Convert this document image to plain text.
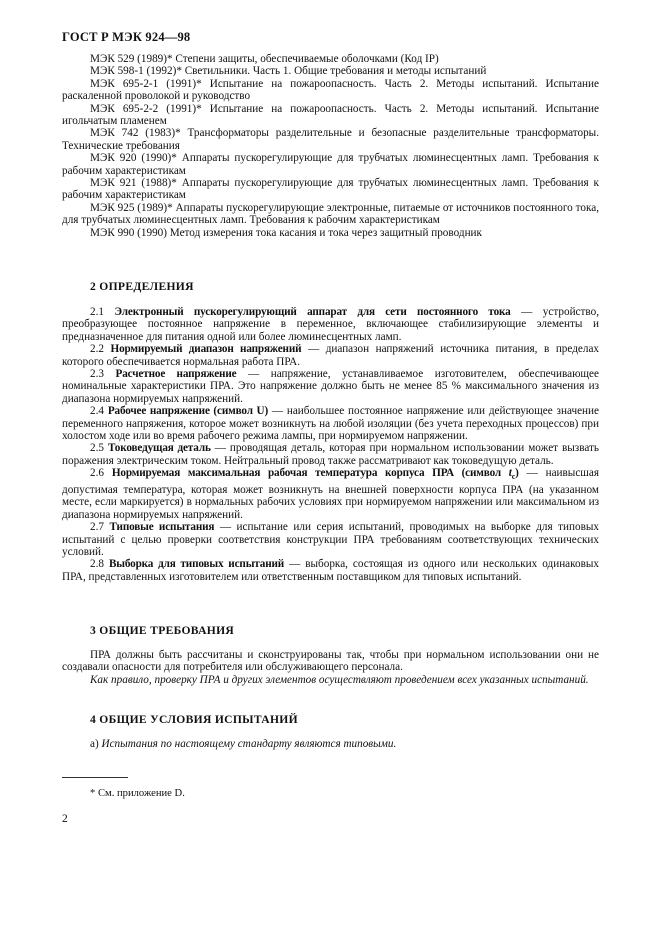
ГОСТ Р МЭК 924—98

МЭК 529 (1989)* Степени защиты, обеспечиваемые оболочками (Код IP)

МЭК 598-1 (1992)* Светильники. Часть 1. Общие требования и методы испытаний

МЭК 695-2-1 (1991)* Испытание на пожароопасность. Часть 2. Методы испытаний. Испытание раскаленной проволокой и руководство

МЭК 695-2-2 (1991)* Испытание на пожароопасность. Часть 2. Методы испытаний. Испытание игольчатым пламенем

МЭК 742 (1983)* Трансформаторы разделительные и безопасные разделительные трансформаторы. Технические требования

МЭК 920 (1990)* Аппараты пускорегулирующие для трубчатых люминесцентных ламп. Требования к рабочим характеристикам

МЭК 921 (1988)* Аппараты пускорегулирующие для трубчатых люминесцентных ламп. Требования к рабочим характеристикам

МЭК 925 (1989)* Аппараты пускорегулирующие электронные, питаемые от источников постоянного тока, для трубчатых люминесцентных ламп. Требования к рабочим характеристикам

МЭК 990 (1990) Метод измерения тока касания и тока через защитный проводник

2 ОПРЕДЕЛЕНИЯ

2.1 Электронный пускорегулирующий аппарат для сети постоянного тока — устройство, преобразующее постоянное напряжение в переменное, включающее стабилизирующие элементы и предназначенное для питания одной или более люминесцентных ламп.

2.2 Нормируемый диапазон напряжений — диапазон напряжений источника питания, в пределах которого обеспечивается нормальная работа ПРА.

2.3 Расчетное напряжение — напряжение, устанавливаемое изготовителем, обеспечивающее номинальные характеристики ПРА. Это напряжение должно быть не менее 85 % максимального значения из диапазона нормируемых напряжений.

2.4 Рабочее напряжение (символ U) — наибольшее постоянное напряжение или действующее значение переменного напряжения, которое может возникнуть на любой изоляции (без учета переходных процессов) при холостом ходе или во время рабочего режима лампы, при нормируемом напряжении.

2.5 Токоведущая деталь — проводящая деталь, которая при нормальном использовании может вызвать поражения электрическим током. Нейтральный провод также рассматривают как токоведущую деталь.

2.6 Нормируемая максимальная рабочая температура корпуса ПРА (символ $t_c$) — наивысшая допустимая температура, которая может возникнуть на внешней поверхности корпуса ПРА (на указанном месте, если маркируется) в нормальных рабочих условиях при нормируемом напряжении или максимальном из диапазона нормируемых напряжений.

2.7 Типовые испытания — испытание или серия испытаний, проводимых на выборке для типовых испытаний с целью проверки соответствия конструкции ПРА требованиям соответствующих технических условий.

2.8 Выборка для типовых испытаний — выборка, состоящая из одного или нескольких одинаковых ПРА, представленных изготовителем или ответственным поставщиком для типовых испытаний.

3 ОБЩИЕ ТРЕБОВАНИЯ

ПРА должны быть рассчитаны и сконструированы так, чтобы при нормальном использовании они не создавали опасности для потребителя или обслуживающего персонала.

Как правило, проверку ПРА и других элементов осуществляют проведением всех указанных испытаний.

4 ОБЩИЕ УСЛОВИЯ ИСПЫТАНИЙ

а) Испытания по настоящему стандарту являются типовыми.

* См. приложение D.
2
